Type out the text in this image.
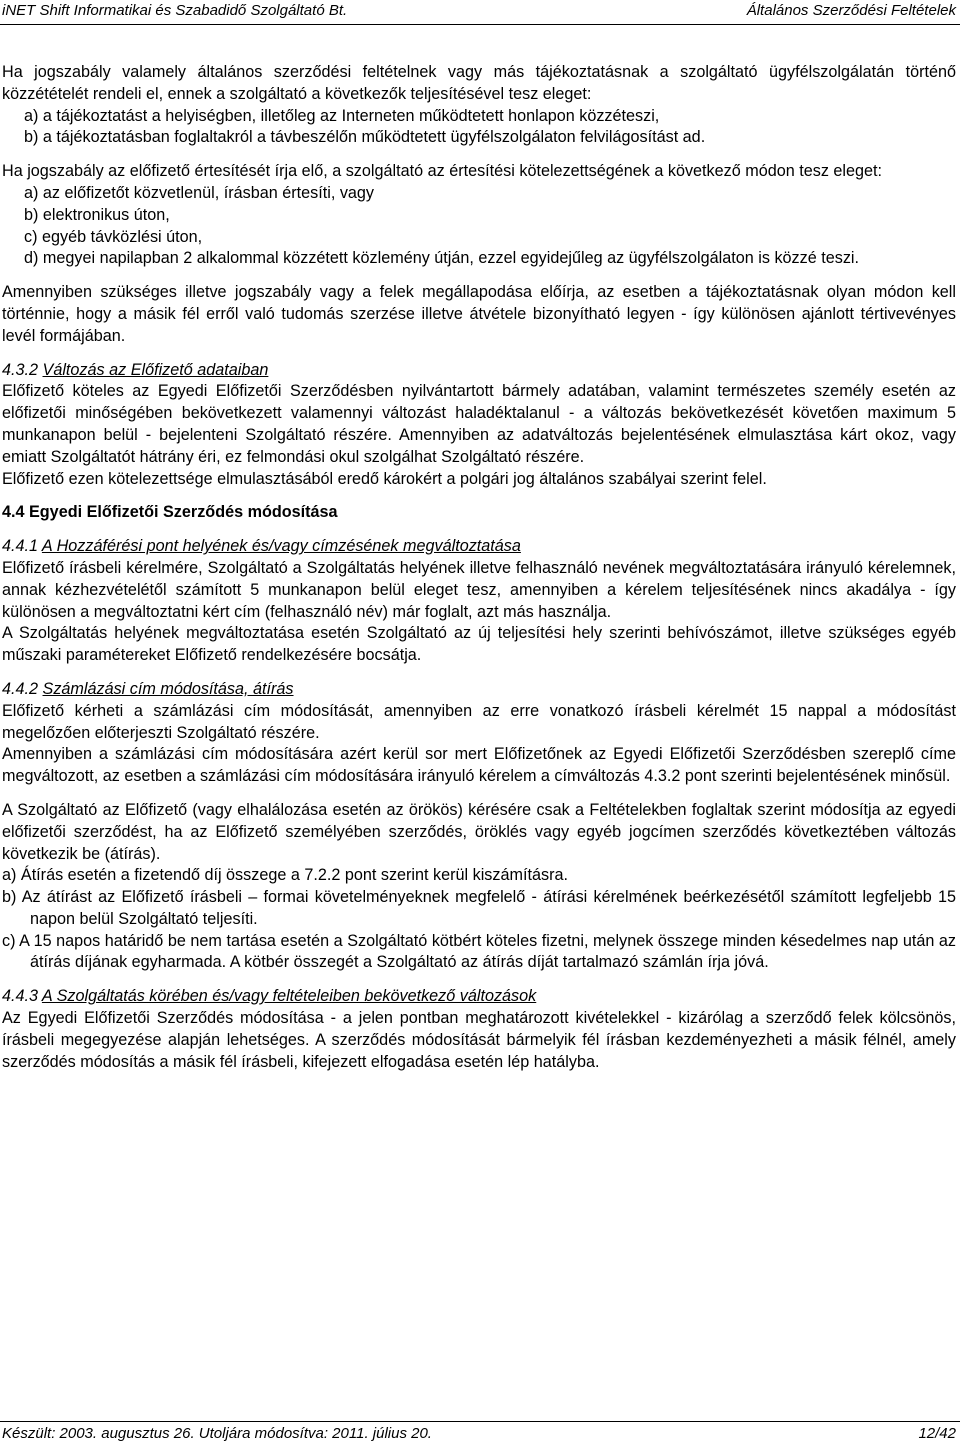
iNET Shift Informatikai és Szabadidő Szolgáltató Bt.	Általános Szerződési Feltételek

Ha jogszabály valamely általános szerződési feltételnek vagy más tájékoztatásnak a szolgáltató ügyfélszolgálatán történő közzétételét rendeli el, ennek a szolgáltató a következők teljesítésével tesz eleget:

a) a tájékoztatást a helyiségben, illetőleg az Interneten működtetett honlapon közzéteszi,

b) a tájékoztatásban foglaltakról a távbeszélőn működtetett ügyfélszolgálaton felvilágosítást ad.

Ha jogszabály az előfizető értesítését írja elő, a szolgáltató az értesítési kötelezettségének a következő módon tesz eleget:

a) az előfizetőt közvetlenül, írásban értesíti, vagy

b) elektronikus úton,

c) egyéb távközlési úton,

d) megyei napilapban 2 alkalommal közzétett közlemény útján, ezzel egyidejűleg az ügyfélszolgálaton is közzé teszi.

Amennyiben szükséges illetve jogszabály vagy a felek megállapodása előírja, az esetben a tájékoztatásnak olyan módon kell történnie, hogy a másik fél erről való tudomás szerzése illetve átvétele bizonyítható legyen - így különösen ajánlott tértivevényes levél formájában.

4.3.2 Változás az Előfizető adataiban

Előfizető köteles az Egyedi Előfizetői Szerződésben nyilvántartott bármely adatában, valamint természetes személy esetén az előfizetői minőségében bekövetkezett valamennyi változást haladéktalanul - a változás bekövetkezését követően maximum 5 munkanapon belül - bejelenteni Szolgáltató részére. Amennyiben az adatváltozás bejelentésének elmulasztása kárt okoz, vagy emiatt Szolgáltatót hátrány éri, ez felmondási okul szolgálhat Szolgáltató részére.

Előfizető ezen kötelezettsége elmulasztásából eredő károkért a polgári jog általános szabályai szerint felel.

4.4 Egyedi Előfizetői Szerződés módosítása

4.4.1 A Hozzáférési pont helyének és/vagy címzésének megváltoztatása

Előfizető írásbeli kérelmére, Szolgáltató a Szolgáltatás helyének illetve felhasználó nevének megváltoztatására irányuló kérelemnek, annak kézhezvételétől számított 5 munkanapon belül eleget tesz, amennyiben a kérelem teljesítésének nincs akadálya - így különösen a megváltoztatni kért cím (felhasználó név) már foglalt, azt más használja.

A Szolgáltatás helyének megváltoztatása esetén Szolgáltató az új teljesítési hely szerinti behívószámot, illetve szükséges egyéb műszaki paramétereket Előfizető rendelkezésére bocsátja.

4.4.2 Számlázási cím módosítása, átírás

Előfizető kérheti a számlázási cím módosítását, amennyiben az erre vonatkozó írásbeli kérelmét 15 nappal a módosítást megelőzően előterjeszti Szolgáltató részére.

Amennyiben a számlázási cím módosítására azért kerül sor mert Előfizetőnek az Egyedi Előfizetői Szerződésben szereplő címe megváltozott, az esetben a számlázási cím módosítására irányuló kérelem a címváltozás 4.3.2 pont szerinti bejelentésének minősül.

A Szolgáltató az Előfizető (vagy elhalálozása esetén az örökös) kérésére csak a Feltételekben foglaltak szerint módosítja az egyedi előfizetői szerződést, ha az Előfizető személyében szerződés, öröklés vagy egyéb jogcímen szerződés következtében változás következik be (átírás).

a) Átírás esetén a fizetendő díj összege a 7.2.2 pont szerint kerül kiszámításra.

b) Az átírást az Előfizető írásbeli – formai követelményeknek megfelelő - átírási kérelmének beérkezésétől számított legfeljebb 15 napon belül Szolgáltató teljesíti.

c) A 15 napos határidő be nem tartása esetén a Szolgáltató kötbért köteles fizetni, melynek összege minden késedelmes nap után az átírás díjának egyharmada. A kötbér összegét a Szolgáltató az átírás díját tartalmazó számlán írja jóvá.

4.4.3 A Szolgáltatás körében és/vagy feltételeiben bekövetkező változások

Az Egyedi Előfizetői Szerződés módosítása - a jelen pontban meghatározott kivételekkel - kizárólag a szerződő felek kölcsönös, írásbeli megegyezése alapján lehetséges. A szerződés módosítását bármelyik fél írásban kezdeményezheti a másik félnél, amely szerződés módosítás a másik fél írásbeli, kifejezett elfogadása esetén lép hatályba.

Készült: 2003. augusztus 26. Utoljára módosítva: 2011. július 20.	12/42
